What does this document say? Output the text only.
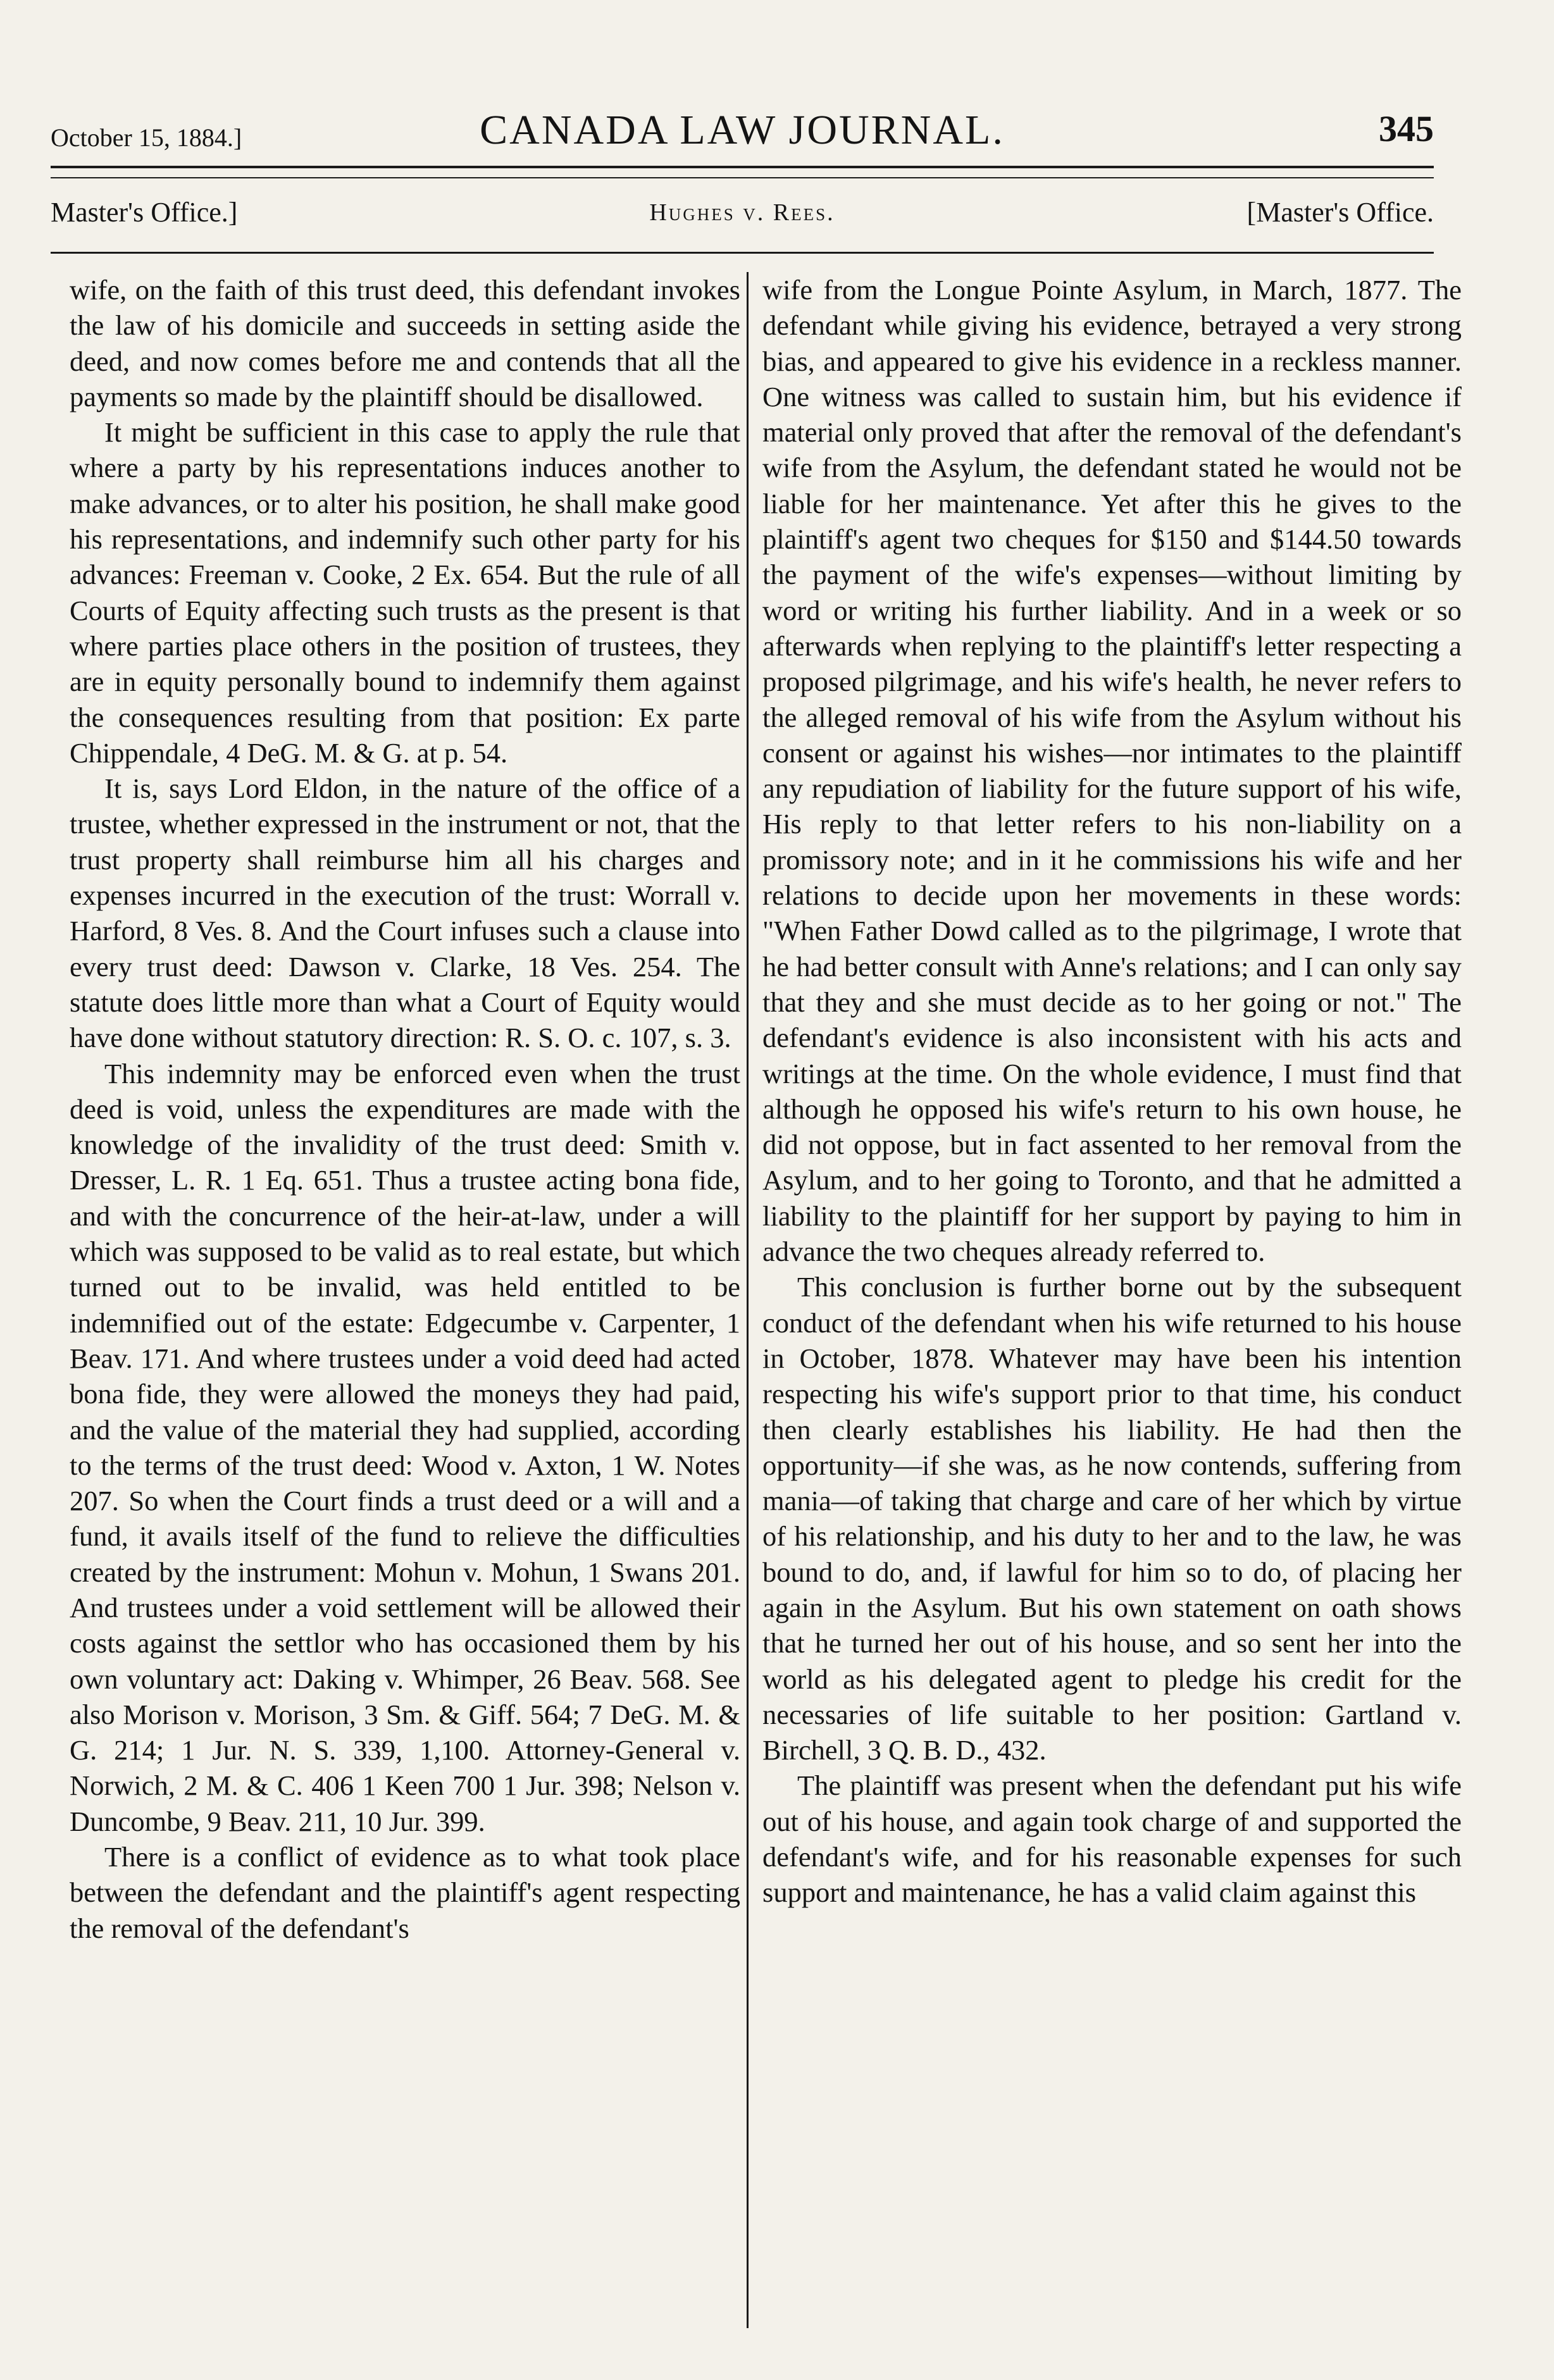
October 15, 1884.]	CANADA LAW JOURNAL.	345
Master's Office.]	Hughes v. Rees.	[Master's Office.

wife, on the faith of this trust deed, this defendant invokes the law of his domicile and succeeds in setting aside the deed, and now comes before me and contends that all the payments so made by the plaintiff should be disallowed.

It might be sufficient in this case to apply the rule that where a party by his representations induces another to make advances, or to alter his position, he shall make good his representations, and indemnify such other party for his advances: Freeman v. Cooke, 2 Ex. 654. But the rule of all Courts of Equity affecting such trusts as the present is that where parties place others in the position of trustees, they are in equity personally bound to indemnify them against the consequences resulting from that position: Ex parte Chippendale, 4 DeG. M. & G. at p. 54.

It is, says Lord Eldon, in the nature of the office of a trustee, whether expressed in the instrument or not, that the trust property shall reimburse him all his charges and expenses incurred in the execution of the trust: Worrall v. Harford, 8 Ves. 8. And the Court infuses such a clause into every trust deed: Dawson v. Clarke, 18 Ves. 254. The statute does little more than what a Court of Equity would have done without statutory direction: R. S. O. c. 107, s. 3.

This indemnity may be enforced even when the trust deed is void, unless the expenditures are made with the knowledge of the invalidity of the trust deed: Smith v. Dresser, L. R. 1 Eq. 651. Thus a trustee acting bona fide, and with the concurrence of the heir-at-law, under a will which was supposed to be valid as to real estate, but which turned out to be invalid, was held entitled to be indemnified out of the estate: Edgecumbe v. Carpenter, 1 Beav. 171. And where trustees under a void deed had acted bona fide, they were allowed the moneys they had paid, and the value of the material they had supplied, according to the terms of the trust deed: Wood v. Axton, 1 W. Notes 207. So when the Court finds a trust deed or a will and a fund, it avails itself of the fund to relieve the difficulties created by the instrument: Mohun v. Mohun, 1 Swans 201. And trustees under a void settlement will be allowed their costs against the settlor who has occasioned them by his own voluntary act: Daking v. Whimper, 26 Beav. 568. See also Morison v. Morison, 3 Sm. & Giff. 564; 7 DeG. M. & G. 214; 1 Jur. N. S. 339, 1,100. Attorney-General v. Norwich, 2 M. & C. 406 1 Keen 700 1 Jur. 398; Nelson v. Duncombe, 9 Beav. 211, 10 Jur. 399.

There is a conflict of evidence as to what took place between the defendant and the plaintiff's agent respecting the removal of the defendant's

wife from the Longue Pointe Asylum, in March, 1877. The defendant while giving his evidence, betrayed a very strong bias, and appeared to give his evidence in a reckless manner. One witness was called to sustain him, but his evidence if material only proved that after the removal of the defendant's wife from the Asylum, the defendant stated he would not be liable for her maintenance. Yet after this he gives to the plaintiff's agent two cheques for $150 and $144.50 towards the payment of the wife's expenses—without limiting by word or writing his further liability. And in a week or so afterwards when replying to the plaintiff's letter respecting a proposed pilgrimage, and his wife's health, he never refers to the alleged removal of his wife from the Asylum without his consent or against his wishes—nor intimates to the plaintiff any repudiation of liability for the future support of his wife, His reply to that letter refers to his non-liability on a promissory note; and in it he commissions his wife and her relations to decide upon her movements in these words: "When Father Dowd called as to the pilgrimage, I wrote that he had better consult with Anne's relations; and I can only say that they and she must decide as to her going or not." The defendant's evidence is also inconsistent with his acts and writings at the time. On the whole evidence, I must find that although he opposed his wife's return to his own house, he did not oppose, but in fact assented to her removal from the Asylum, and to her going to Toronto, and that he admitted a liability to the plaintiff for her support by paying to him in advance the two cheques already referred to.

This conclusion is further borne out by the subsequent conduct of the defendant when his wife returned to his house in October, 1878. Whatever may have been his intention respecting his wife's support prior to that time, his conduct then clearly establishes his liability. He had then the opportunity—if she was, as he now contends, suffering from mania—of taking that charge and care of her which by virtue of his relationship, and his duty to her and to the law, he was bound to do, and, if lawful for him so to do, of placing her again in the Asylum. But his own statement on oath shows that he turned her out of his house, and so sent her into the world as his delegated agent to pledge his credit for the necessaries of life suitable to her position: Gartland v. Birchell, 3 Q. B. D., 432.

The plaintiff was present when the defendant put his wife out of his house, and again took charge of and supported the defendant's wife, and for his reasonable expenses for such support and maintenance, he has a valid claim against this
